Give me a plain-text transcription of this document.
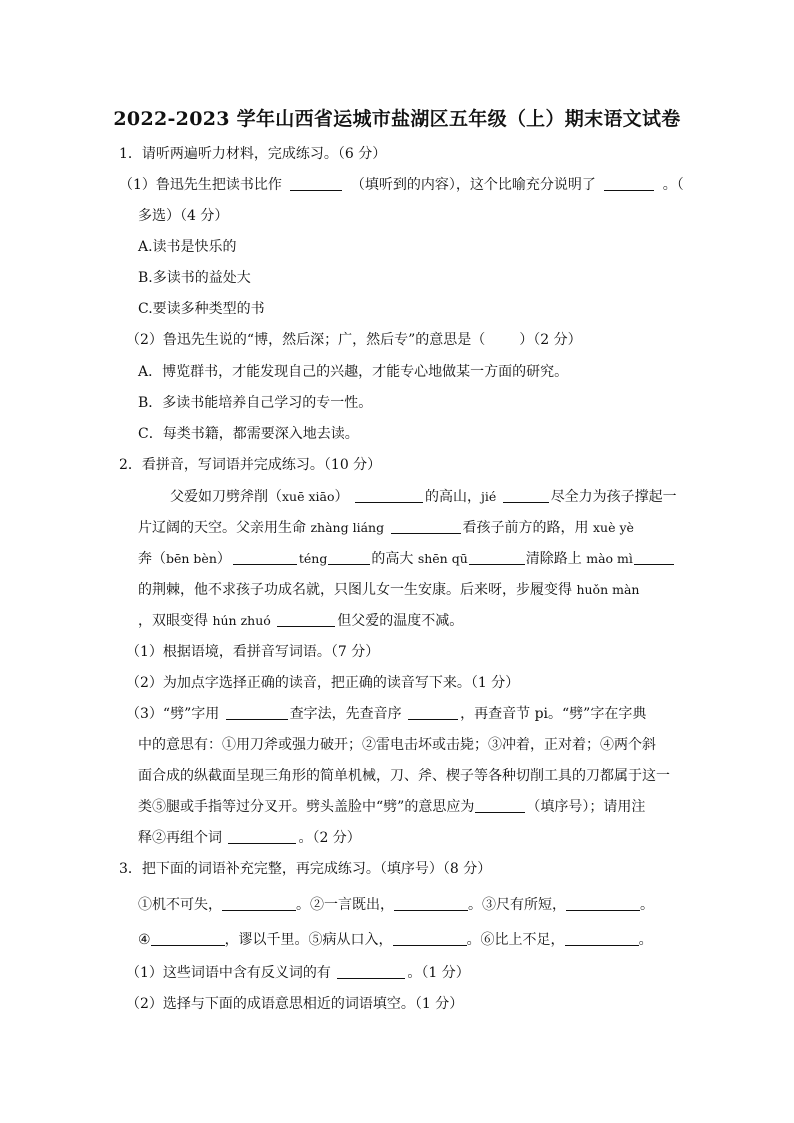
2022-2023 学年山西省运城市盐湖区五年级（上）期末语文试卷
1．请听两遍听力材料，完成练习。（6 分）
（1）鲁迅先生把读书比作	（填听到的内容），这个比喻充分说明了	。（
多选）（4 分）
A.读书是快乐的
B.多读书的益处大
C.要读多种类型的书
（2）鲁迅先生说的“博，然后深；广，然后专”的意思是（ ）（2 分）
A．博览群书，才能发现自己的兴趣，才能专心地做某一方面的研究。
B．多读书能培养自己学习的专一性。
C．每类书籍，都需要深入地去读。
2．看拼音，写词语并完成练习。（10 分）
父爱如刀劈斧削（xuē xiāo）	的高山，jié	尽全力为孩子撑起一
片辽阔的天空。父亲用生命 zhàng liáng	看孩子前方的路，用 xuè yè
奔（bēn bèn）	téng	的高大 shēn qū	清除路上 mào mì
的荆棘，他不求孩子功成名就，只图儿女一生安康。后来呀，步履变得 huǒn màn
，双眼变得 hún zhuó	但父爱的温度不减。
（1）根据语境，看拼音写词语。（7 分）
（2）为加点字选择正确的读音，把正确的读音写下来。（1 分）
（3）“劈”字用	查字法，先查音序	，再查音节 pi。“劈”字在字典
中的意思有：①用刀斧或强力破开；②雷电击坏或击毙；③冲着，正对着；④两个斜
面合成的纵截面呈现三角形的简单机械，刀、斧、楔子等各种切削工具的刀都属于这一
类⑤腿或手指等过分叉开。劈头盖脸中“劈”的意思应为	（填序号）；请用注
释②再组个词	。（2 分）
3．把下面的词语补充完整，再完成练习。（填序号）（8 分）
①机不可失，	。②一言既出，	。③尺有所短，	。
④	，谬以千里。⑤病从口入，	。⑥比上不足，	。
（1）这些词语中含有反义词的有	。（1 分）
（2）选择与下面的成语意思相近的词语填空。（1 分）
